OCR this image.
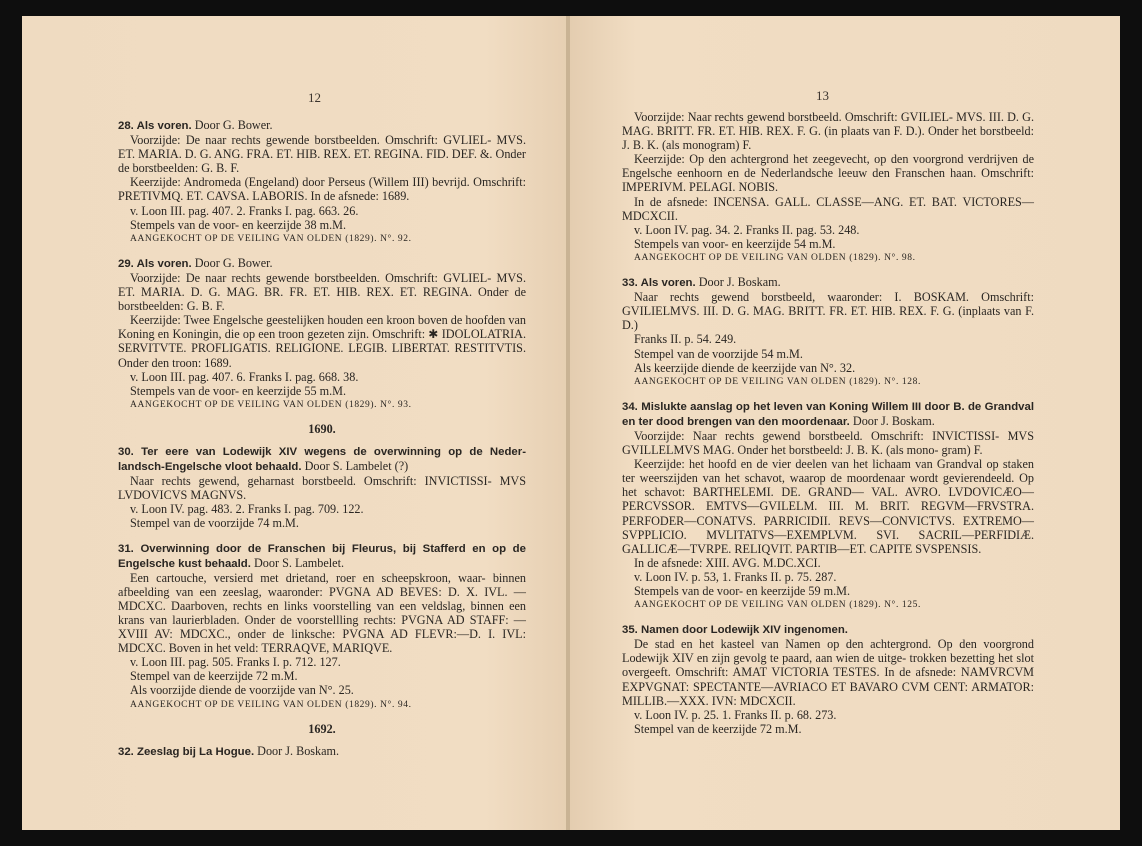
12

28. Als voren. Door G. Bower.

Voorzijde: De naar rechts gewende borstbeelden. Omschrift: GVLIEL- MVS. ET. MARIA. D. G. ANG. FRA. ET. HIB. REX. ET. REGINA. FID. DEF. &. Onder de borstbeelden: G. B. F.

Keerzijde: Andromeda (Engeland) door Perseus (Willem III) bevrijd. Omschrift: PRETIVMQ. ET. CAVSA. LABORIS. In de afsnede: 1689.

v. Loon III. pag. 407. 2. Franks I. pag. 663. 26.

Stempels van de voor- en keerzijde 38 m.M.

AANGEKOCHT OP DE VEILING VAN OLDEN (1829). N°. 92.

29. Als voren. Door G. Bower.

Voorzijde: De naar rechts gewende borstbeelden. Omschrift: GVLIEL- MVS. ET. MARIA. D. G. MAG. BR. FR. ET. HIB. REX. ET. REGINA. Onder de borstbeelden: G. B. F.

Keerzijde: Twee Engelsche geestelijken houden een kroon boven de hoofden van Koning en Koningin, die op een troon gezeten zijn. Omschrift: ✱ IDOLOLATRIA. SERVITVTE. PROFLIGATIS. RELIGIONE. LEGIB. LIBERTAT. RESTITVTIS. Onder den troon: 1689.

v. Loon III. pag. 407. 6. Franks I. pag. 668. 38.

Stempels van de voor- en keerzijde 55 m.M.

AANGEKOCHT OP DE VEILING VAN OLDEN (1829). N°. 93.

1690.

30. Ter eere van Lodewijk XIV wegens de overwinning op de Neder- landsch-Engelsche vloot behaald. Door S. Lambelet (?)

Naar rechts gewend, geharnast borstbeeld. Omschrift: INVICTISSI- MVS LVDOVICVS MAGNVS.

v. Loon IV. pag. 483. 2. Franks I. pag. 709. 122.

Stempel van de voorzijde 74 m.M.

31. Overwinning door de Franschen bij Fleurus, bij Stafferd en op de Engelsche kust behaald. Door S. Lambelet.

Een cartouche, versierd met drietand, roer en scheepskroon, waar- binnen afbeelding van een zeeslag, waaronder: PVGNA AD BEVES: D. X. IVL. — MDCXC. Daarboven, rechts en links voorstelling van een veldslag, binnen een krans van laurierbladen. Onder de voorstellling rechts: PVGNA AD STAFF: — XVIII AV: MDCXC., onder de linksche: PVGNA AD FLEVR:—D. I. IVL: MDCXC. Boven in het veld: TERRAQVE, MARIQVE.

v. Loon III. pag. 505. Franks I. p. 712. 127.

Stempel van de keerzijde 72 m.M.

Als voorzijde diende de voorzijde van N°. 25.

AANGEKOCHT OP DE VEILING VAN OLDEN (1829). N°. 94.

1692.

32. Zeeslag bij La Hogue. Door J. Boskam.

13

Voorzijde: Naar rechts gewend borstbeeld. Omschrift: GVILIEL- MVS. III. D. G. MAG. BRITT. FR. ET. HIB. REX. F. G. (in plaats van F. D.). Onder het borstbeeld: J. B. K. (als monogram) F.

Keerzijde: Op den achtergrond het zeegevecht, op den voorgrond verdrijven de Engelsche eenhoorn en de Nederlandsche leeuw den Franschen haan. Omschrift: IMPERIVM. PELAGI. NOBIS.

In de afsnede: INCENSA. GALL. CLASSE—ANG. ET. BAT. VICTORES— MDCXCII.

v. Loon IV. pag. 34. 2. Franks II. pag. 53. 248.

Stempels van voor- en keerzijde 54 m.M.

AANGEKOCHT OP DE VEILING VAN OLDEN (1829). N°. 98.

33. Als voren. Door J. Boskam.

Naar rechts gewend borstbeeld, waaronder: I. BOSKAM. Omschrift: GVILIELMVS. III. D. G. MAG. BRITT. FR. ET. HIB. REX. F. G. (inplaats van F. D.)

Franks II. p. 54. 249.

Stempel van de voorzijde 54 m.M.

Als keerzijde diende de keerzijde van N°. 32.

AANGEKOCHT OP DE VEILING VAN OLDEN (1829). N°. 128.

34. Mislukte aanslag op het leven van Koning Willem III door B. de Grandval en ter dood brengen van den moordenaar. Door J. Boskam.

Voorzijde: Naar rechts gewend borstbeeld. Omschrift: INVICTISSI- MVS GVILLELMVS MAG. Onder het borstbeeld: J. B. K. (als mono- gram) F.

Keerzijde: het hoofd en de vier deelen van het lichaam van Grandval op staken ter weerszijden van het schavot, waarop de moordenaar wordt gevierendeeld. Op het schavot: BARTHELEMI. DE. GRAND— VAL. AVRO. LVDOVICÆO—PERCVSSOR. EMTVS—GVILELM. III. M. BRIT. REGVM—FRVSTRA. PERFODER—CONATVS. PARRICIDII. REVS—CONVICTVS. EXTREMO—SVPPLICIO. MVLITATVS—EXEMPLVM. SVI. SACRIL—PERFIDIÆ. GALLICÆ—TVRPE. RELIQVIT. PARTIB—ET. CAPITE SVSPENSIS.

In de afsnede: XIII. AVG. M.DC.XCI.

v. Loon IV. p. 53, 1. Franks II. p. 75. 287.

Stempels van de voor- en keerzijde 59 m.M.

AANGEKOCHT OP DE VEILING VAN OLDEN (1829). N°. 125.

35. Namen door Lodewijk XIV ingenomen.

De stad en het kasteel van Namen op den achtergrond. Op den voorgrond Lodewijk XIV en zijn gevolg te paard, aan wien de uitge- trokken bezetting het slot overgeeft. Omschrift: AMAT VICTORIA TESTES. In de afsnede: NAMVRCVM EXPVGNAT: SPECTANTE—AVRIACO ET BAVARO CVM CENT: ARMATOR: MILLIB.—XXX. IVN: MDCXCII.

v. Loon IV. p. 25. 1. Franks II. p. 68. 273.

Stempel van de keerzijde 72 m.M.
